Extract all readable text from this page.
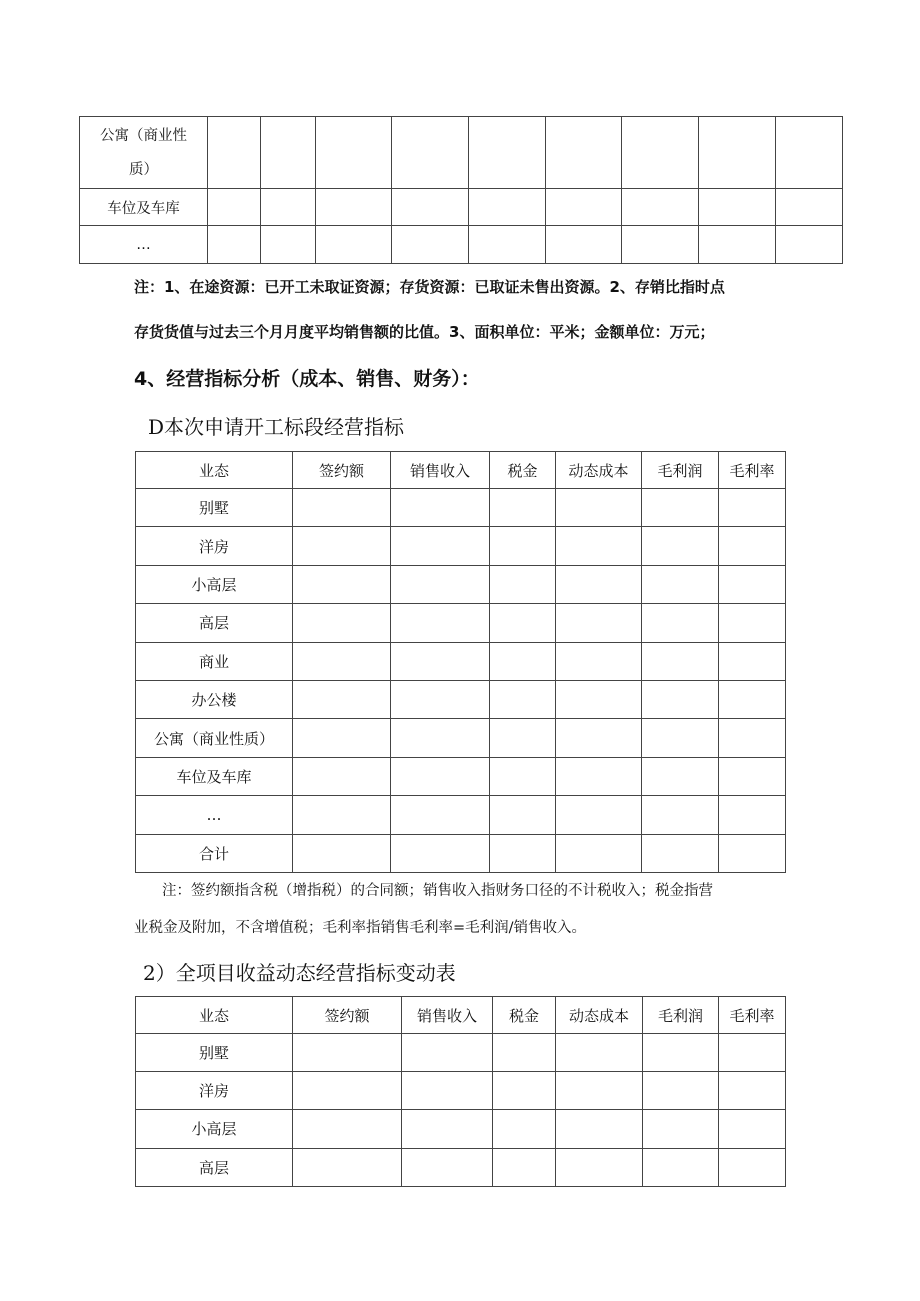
公寓（商业性
质）									

车位及车库									
…									
注：1、在途资源：已开工未取证资源；存货资源：已取证未售出资源。2、存销比指时点
存货货值与过去三个月月度平均销售额的比值。3、面积单位：平米；金额单位：万元；
4、经营指标分析（成本、销售、财务）：
D本次申请开工标段经营指标
业态	签约额	销售收入	税金	动态成本	毛利润	毛利率
别墅						
洋房						
小高层						
高层						
商业						
办公楼						
公寓（商业性质）						
车位及车库						
…						
合计						
注：签约额指含税（增指税）的合同额；销售收入指财务口径的不计税收入；税金指营
业税金及附加，不含增值税；毛利率指销售毛利率=毛利润/销售收入。
2）全项目收益动态经营指标变动表
业态	签约额	销售收入	税金	动态成本	毛利润	毛利率
别墅						
洋房						
小高层						
高层						
